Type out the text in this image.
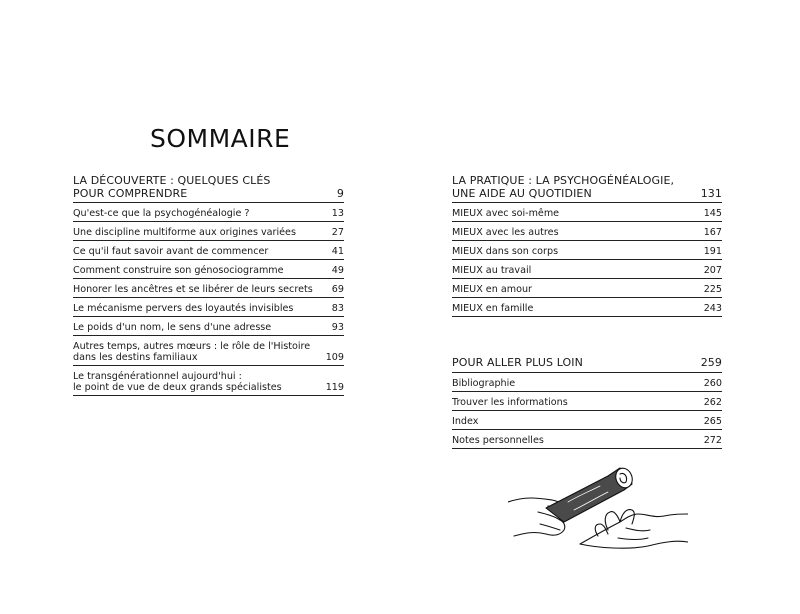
SOMMAIRE
LA DÉCOUVERTE : QUELQUES CLÉS
POUR COMPRENDRE	9
Qu'est-ce que la psychogénéalogie ?	13
Une discipline multiforme aux origines variées	27
Ce qu'il faut savoir avant de commencer	41
Comment construire son génosociogramme	49
Honorer les ancêtres et se libérer de leurs secrets	69
Le mécanisme pervers des loyautés invisibles	83
Le poids d'un nom, le sens d'une adresse	93
Autres temps, autres mœurs : le rôle de l'Histoire
dans les destins familiaux	109
Le transgénérationnel aujourd'hui :
le point de vue de deux grands spécialistes	119
LA PRATIQUE : LA PSYCHOGÉNÉALOGIE,
UNE AIDE AU QUOTIDIEN	131
MIEUX avec soi-même	145
MIEUX avec les autres	167
MIEUX dans son corps	191
MIEUX au travail	207
MIEUX en amour	225
MIEUX en famille	243
POUR ALLER PLUS LOIN	259
Bibliographie	260
Trouver les informations	262
Index	265
Notes personnelles	272
